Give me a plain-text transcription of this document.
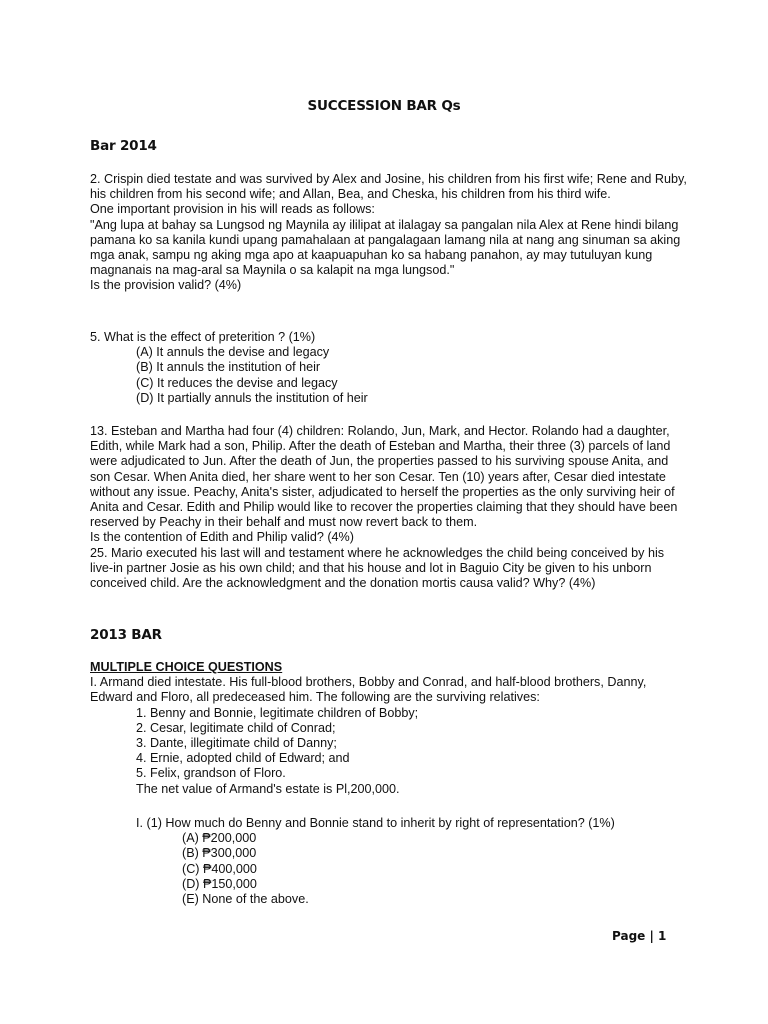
SUCCESSION BAR Qs
Bar 2014

2. Crispin died testate and was survived by Alex and Josine, his children from his first wife; Rene and Ruby, his children from his second wife; and Allan, Bea, and Cheska, his children from his third wife.

One important provision in his will reads as follows:

"Ang lupa at bahay sa Lungsod ng Maynila ay ililipat at ilalagay sa pangalan nila Alex at Rene hindi bilang pamana ko sa kanila kundi upang pamahalaan at pangalagaan lamang nila at nang ang sinuman sa aking mga anak, sampu ng aking mga apo at kaapuapuhan ko sa habang panahon, ay may tutuluyan kung magnanais na mag-aral sa Maynila o sa kalapit na mga lungsod."

Is the provision valid? (4%)

5. What is the effect of preterition ? (1%)

(A) It annuls the devise and legacy

(B) It annuls the institution of heir

(C) It reduces the devise and legacy

(D) It partially annuls the institution of heir

13. Esteban and Martha had four (4) children: Rolando, Jun, Mark, and Hector. Rolando had a daughter, Edith, while Mark had a son, Philip. After the death of Esteban and Martha, their three (3) parcels of land were adjudicated to Jun. After the death of Jun, the properties passed to his surviving spouse Anita, and son Cesar. When Anita died, her share went to her son Cesar. Ten (10) years after, Cesar died intestate without any issue. Peachy, Anita's sister, adjudicated to herself the properties as the only surviving heir of Anita and Cesar. Edith and Philip would like to recover the properties claiming that they should have been reserved by Peachy in their behalf and must now revert back to them.

Is the contention of Edith and Philip valid? (4%)

25. Mario executed his last will and testament where he acknowledges the child being conceived by his live-in partner Josie as his own child; and that his house and lot in Baguio City be given to his unborn conceived child. Are the acknowledgment and the donation mortis causa valid? Why? (4%)

2013 BAR

MULTIPLE CHOICE QUESTIONS

I. Armand died intestate. His full-blood brothers, Bobby and Conrad, and half-blood brothers, Danny, Edward and Floro, all predeceased him. The following are the surviving relatives:

1. Benny and Bonnie, legitimate children of Bobby;

2. Cesar, legitimate child of Conrad;

3. Dante, illegitimate child of Danny;

4. Ernie, adopted child of Edward; and

5. Felix, grandson of Floro.

The net value of Armand's estate is Pl,200,000.

I. (1) How much do Benny and Bonnie stand to inherit by right of representation? (1%)

(A) ₱200,000

(B) ₱300,000

(C) ₱400,000

(D) ₱150,000

(E) None of the above.

Page | 1
